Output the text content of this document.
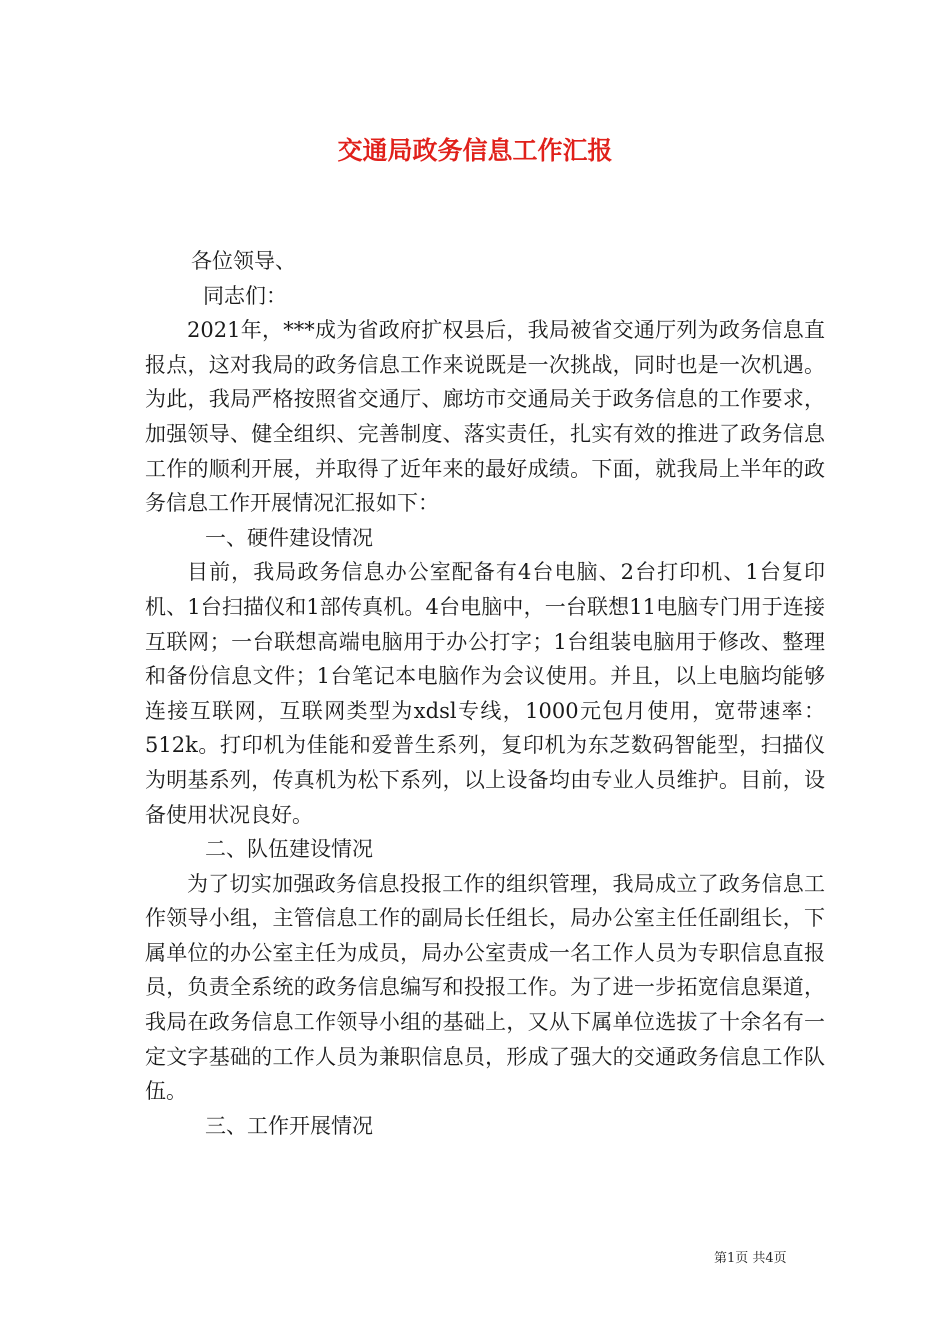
交通局政务信息工作汇报

各位领导、

同志们：

2021年，***成为省政府扩权县后，我局被省交通厅列为政务信息直报点，这对我局的政务信息工作来说既是一次挑战，同时也是一次机遇。为此，我局严格按照省交通厅、廊坊市交通局关于政务信息的工作要求，加强领导、健全组织、完善制度、落实责任，扎实有效的推进了政务信息工作的顺利开展，并取得了近年来的最好成绩。下面，就我局上半年的政务信息工作开展情况汇报如下：

一、硬件建设情况

目前，我局政务信息办公室配备有4台电脑、2台打印机、1台复印机、1台扫描仪和1部传真机。4台电脑中，一台联想11电脑专门用于连接互联网；一台联想高端电脑用于办公打字；1台组装电脑用于修改、整理和备份信息文件；1台笔记本电脑作为会议使用。并且，以上电脑均能够连接互联网，互联网类型为xdsl专线，1000元包月使用，宽带速率：512k。打印机为佳能和爱普生系列，复印机为东芝数码智能型，扫描仪为明基系列，传真机为松下系列，以上设备均由专业人员维护。目前，设备使用状况良好。

二、队伍建设情况

为了切实加强政务信息投报工作的组织管理，我局成立了政务信息工作领导小组，主管信息工作的副局长任组长，局办公室主任任副组长，下属单位的办公室主任为成员，局办公室责成一名工作人员为专职信息直报员，负责全系统的政务信息编写和投报工作。为了进一步拓宽信息渠道，我局在政务信息工作领导小组的基础上，又从下属单位选拔了十余名有一定文字基础的工作人员为兼职信息员，形成了强大的交通政务信息工作队伍。

三、工作开展情况

第1页 共4页
